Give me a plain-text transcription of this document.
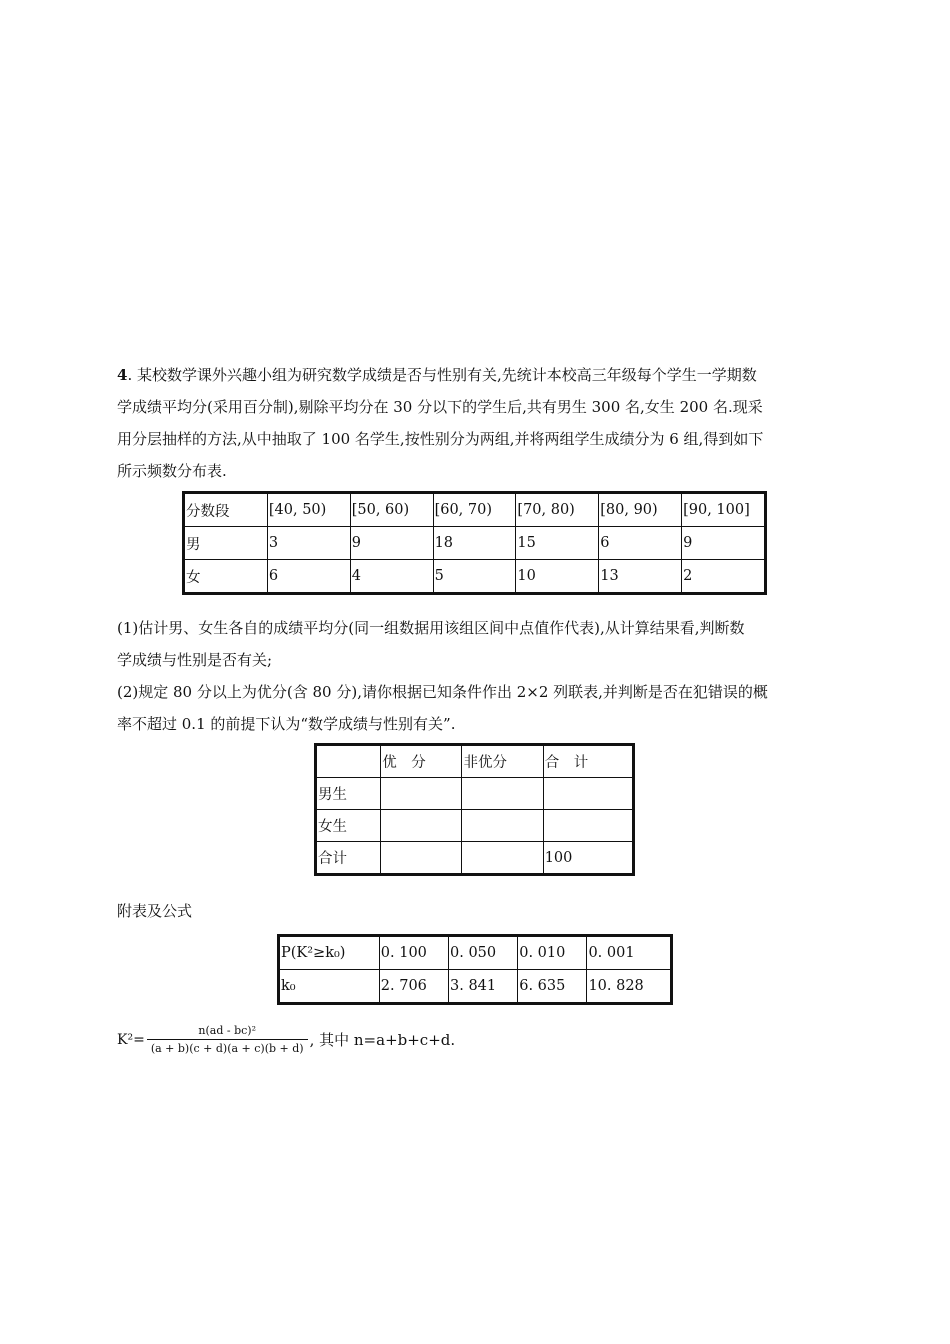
4. 某校数学课外兴趣小组为研究数学成绩是否与性别有关,先统计本校高三年级每个学生一学期数
学成绩平均分(采用百分制),剔除平均分在 30 分以下的学生后,共有男生 300 名,女生 200 名.现采
用分层抽样的方法,从中抽取了 100 名学生,按性别分为两组,并将两组学生成绩分为 6 组,得到如下
所示频数分布表.

分数段	[40, 50)	[50, 60)	[60, 70)	[70, 80)	[80, 90)	[90, 100]
男	3	9	18	15	6	9
女	6	4	5	10	13	2

(1)估计男、女生各自的成绩平均分(同一组数据用该组区间中点值作代表),从计算结果看,判断数
学成绩与性别是否有关;

(2)规定 80 分以上为优分(含 80 分),请你根据已知条件作出 2×2 列联表,并判断是否在犯错误的概
率不超过 0.1 的前提下认为“数学成绩与性别有关”.

	优　分	非优分	合　计
男生			
女生			
合计			100
附表及公式
P(K²≥k₀)	0. 100	0. 050	0. 010	0. 001
k₀	2. 706	3. 841	6. 635	10. 828
$K^2= \frac{\text{n(ad - bc)²}}{(a + b)(c + d)(a + c)(b + d)}$ , 其中 n=a+b+c+d.
